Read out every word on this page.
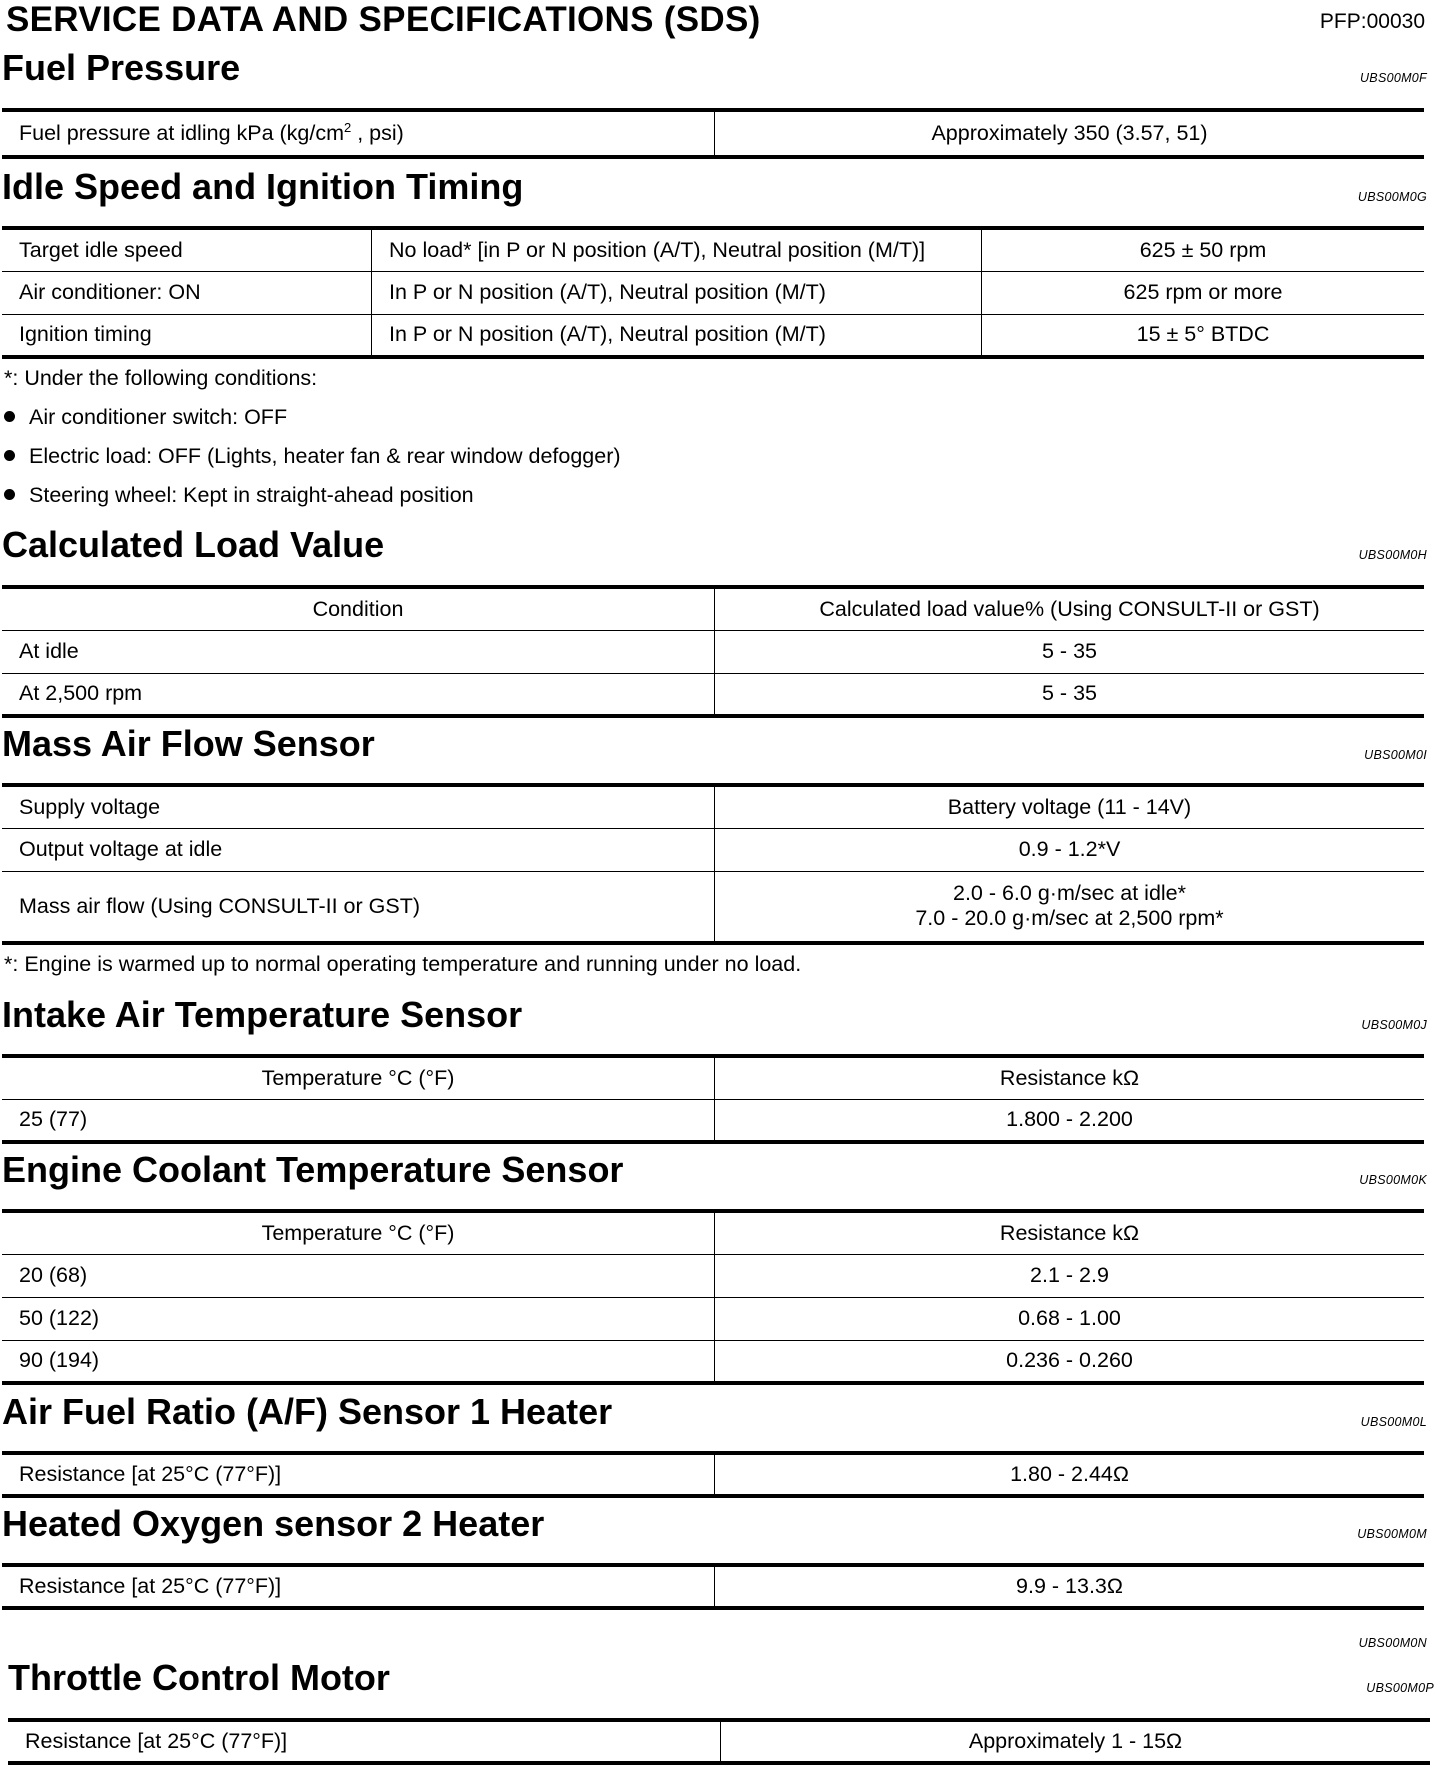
SERVICE DATA AND SPECIFICATIONS (SDS)	PFP:00030
Fuel Pressure	UBS00M0F
Fuel pressure at idling kPa ($kg/cm^2$ , psi)	Approximately 350 (3.57, 51)
Idle Speed and Ignition Timing	UBS00M0G
Target idle speed	No load* [in P or N position (A/T), Neutral position (M/T)]	625 ± 50 rpm
Air conditioner: ON	In P or N position (A/T), Neutral position (M/T)	625 rpm or more
Ignition timing	In P or N position (A/T), Neutral position (M/T)	15 ± 5° BTDC
*: Under the following conditions:
Air conditioner switch: OFF
Electric load: OFF (Lights, heater fan & rear window defogger)
Steering wheel: Kept in straight-ahead position
Calculated Load Value	UBS00M0H
Condition	Calculated load value% (Using CONSULT-II or GST)
At idle	5 - 35
At 2,500 rpm	5 - 35
Mass Air Flow Sensor	UBS00M0I
Supply voltage	Battery voltage (11 - 14V)
Output voltage at idle	0.9 - 1.2*V
Mass air flow (Using CONSULT-II or GST)	2.0 - 6.0 g·m/sec at idle*
7.0 - 20.0 g·m/sec at 2,500 rpm*
*: Engine is warmed up to normal operating temperature and running under no load.
Intake Air Temperature Sensor	UBS00M0J
Temperature °C (°F)	Resistance kΩ
25 (77)	1.800 - 2.200
Engine Coolant Temperature Sensor	UBS00M0K
Temperature °C (°F)	Resistance kΩ
20 (68)	2.1 - 2.9
50 (122)	0.68 - 1.00
90 (194)	0.236 - 0.260
Air Fuel Ratio (A/F) Sensor 1 Heater	UBS00M0L
Resistance [at 25°C (77°F)]	1.80 - 2.44Ω
Heated Oxygen sensor 2 Heater	UBS00M0M
Resistance [at 25°C (77°F)]	9.9 - 13.3Ω
UBS00M0N
Throttle Control Motor	UBS00M0P
Resistance [at 25°C (77°F)]	Approximately 1 - 15Ω
